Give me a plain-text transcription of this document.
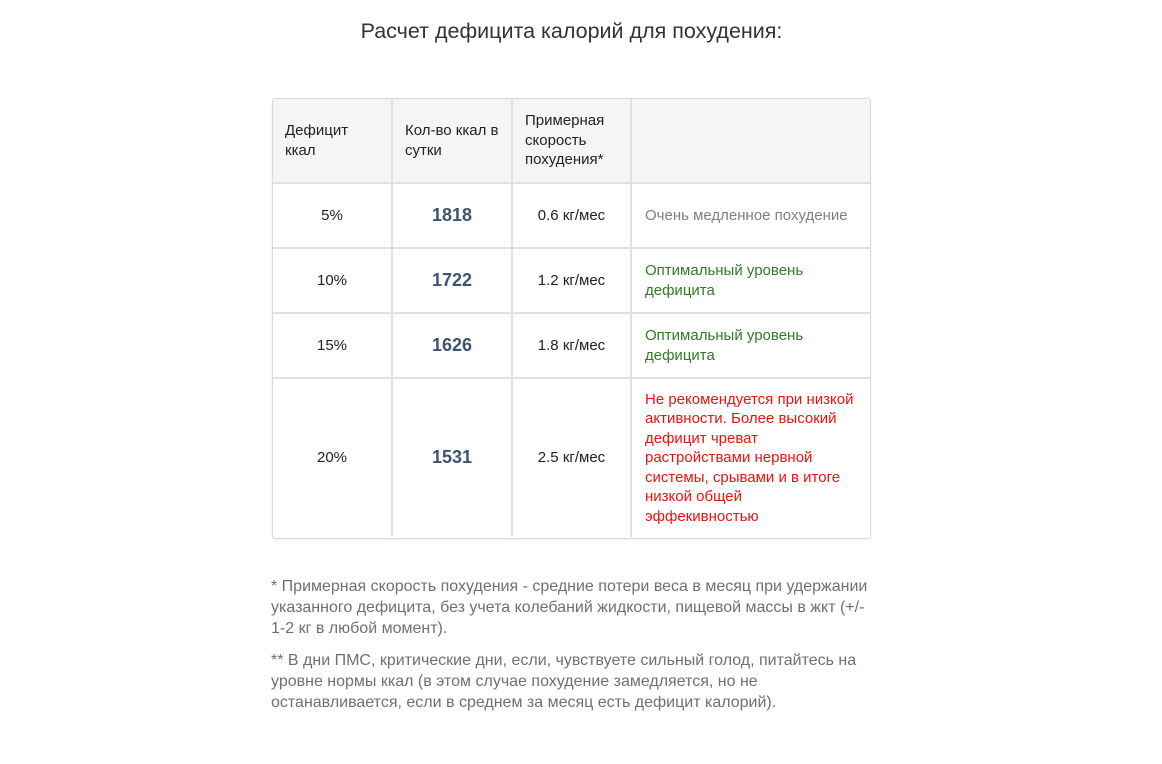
Расчет дефицита калорий для похудения:
Дефицит ккал	Кол-во ккал в сутки	Примерная скорость похудения*	
5%	1818	0.6 кг/мес	Очень медленное похудение
10%	1722	1.2 кг/мес	Оптимальный уровень дефицита
15%	1626	1.8 кг/мес	Оптимальный уровень дефицита
20%	1531	2.5 кг/мес	Не рекомендуется при низкой активности. Более высокий дефицит чреват растройствами нервной системы, срывами и в итоге низкой общей эффекивностью

* Примерная скорость похудения - средние потери веса в месяц при удержании указанного дефицита, без учета колебаний жидкости, пищевой массы в жкт (+/- 1-2 кг в любой момент).

** В дни ПМС, критические дни, если, чувствуете сильный голод, питайтесь на уровне нормы ккал (в этом случае похудение замедляется, но не останавливается, если в среднем за месяц есть дефицит калорий).
